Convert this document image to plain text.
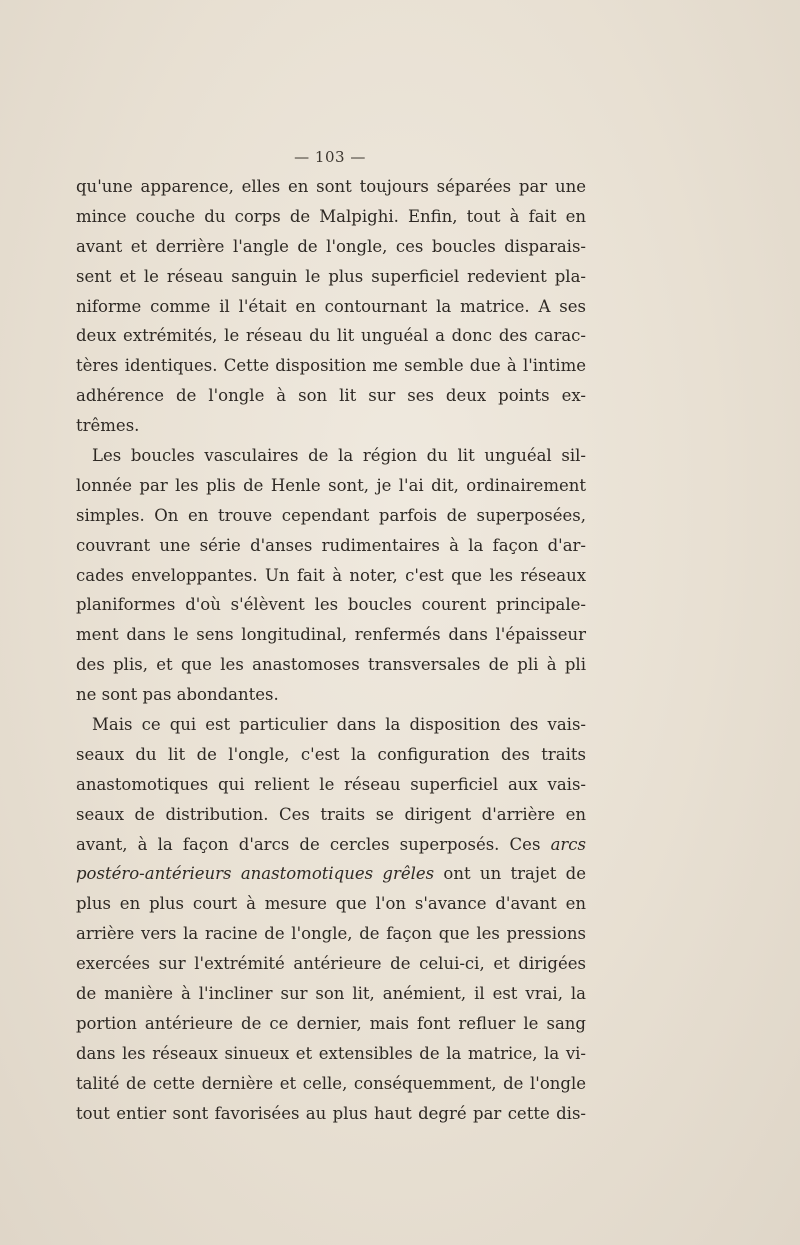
— 103 —
qu'une apparence, elles en sont toujours séparées par une
mince couche du corps de Malpighi. Enfin, tout à fait en
avant et derrière l'angle de l'ongle, ces boucles disparais-
sent et le réseau sanguin le plus superficiel redevient pla-
niforme comme il l'était en contournant la matrice. A ses
deux extrémités, le réseau du lit unguéal a donc des carac-
tères identiques. Cette disposition me semble due à l'intime
adhérence de l'ongle à son lit sur ses deux points ex-
trêmes.
Les boucles vasculaires de la région du lit unguéal sil-
lonnée par les plis de Henle sont, je l'ai dit, ordinairement
simples. On en trouve cependant parfois de superposées,
couvrant une série d'anses rudimentaires à la façon d'ar-
cades enveloppantes. Un fait à noter, c'est que les réseaux
planiformes d'où s'élèvent les boucles courent principale-
ment dans le sens longitudinal, renfermés dans l'épaisseur
des plis, et que les anastomoses transversales de pli à pli
ne sont pas abondantes.
Mais ce qui est particulier dans la disposition des vais-
seaux du lit de l'ongle, c'est la configuration des traits
anastomotiques qui relient le réseau superficiel aux vais-
seaux de distribution. Ces traits se dirigent d'arrière en
avant, à la façon d'arcs de cercles superposés. Ces arcs
postéro-antérieurs anastomotiques grêles ont un trajet de
plus en plus court à mesure que l'on s'avance d'avant en
arrière vers la racine de l'ongle, de façon que les pressions
exercées sur l'extrémité antérieure de celui-ci, et dirigées
de manière à l'incliner sur son lit, anémient, il est vrai, la
portion antérieure de ce dernier, mais font refluer le sang
dans les réseaux sinueux et extensibles de la matrice, la vi-
talité de cette dernière et celle, conséquemment, de l'ongle
tout entier sont favorisées au plus haut degré par cette dis-
